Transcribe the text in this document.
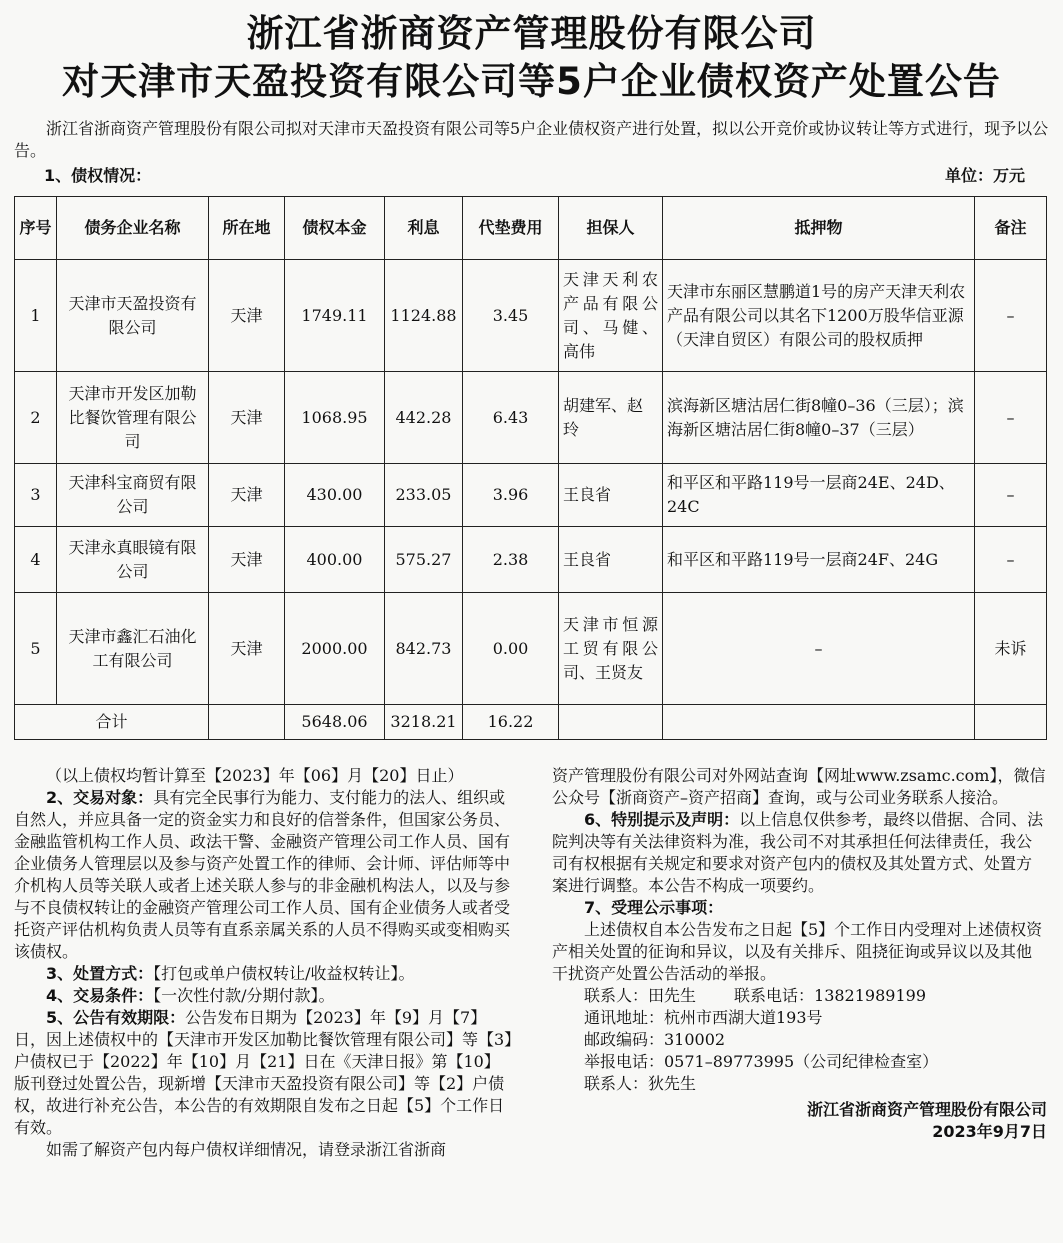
浙江省浙商资产管理股份有限公司
对天津市天盈投资有限公司等5户企业债权资产处置公告

浙江省浙商资产管理股份有限公司拟对天津市天盈投资有限公司等5户企业债权资产进行处置，拟以公开竞价或协议转让等方式进行，现予以公告。

1、债权情况：	单位：万元
序号	债务企业名称	所在地	债权本金	利息	代垫费用	担保人	抵押物	备注
1	天津市天盈投资有限公司	天津	1749.11	1124.88	3.45	天津天利农产品有限公司、马健、高伟	天津市东丽区慧鹏道1号的房产天津天利农产品有限公司以其名下1200万股华信亚源（天津自贸区）有限公司的股权质押	–
2	天津市开发区加勒比餐饮管理有限公司	天津	1068.95	442.28	6.43	胡建军、赵玲	滨海新区塘沽居仁街8幢0–36（三层）；滨海新区塘沽居仁街8幢0–37（三层）	–
3	天津科宝商贸有限公司	天津	430.00	233.05	3.96	王良省	和平区和平路119号一层商24E、24D、24C	–
4	天津永真眼镜有限公司	天津	400.00	575.27	2.38	王良省	和平区和平路119号一层商24F、24G	–
5	天津市鑫汇石油化工有限公司	天津	2000.00	842.73	0.00	天津市恒源工贸有限公司、王贤友	–	未诉
合计			5648.06	3218.21	16.22			

（以上债权均暂计算至【2023】年【06】月【20】日止）

2、交易对象：具有完全民事行为能力、支付能力的法人、组织或自然人，并应具备一定的资金实力和良好的信誉条件，但国家公务员、金融监管机构工作人员、政法干警、金融资产管理公司工作人员、国有企业债务人管理层以及参与资产处置工作的律师、会计师、评估师等中介机构人员等关联人或者上述关联人参与的非金融机构法人，以及与参与不良债权转让的金融资产管理公司工作人员、国有企业债务人或者受托资产评估机构负责人员等有直系亲属关系的人员不得购买或变相购买该债权。

3、处置方式：【打包或单户债权转让/收益权转让】。

4、交易条件：【一次性付款/分期付款】。

5、公告有效期限：公告发布日期为【2023】年【9】月【7】日，因上述债权中的【天津市开发区加勒比餐饮管理有限公司】等【3】户债权已于【2022】年【10】月【21】日在《天津日报》第【10】版刊登过处置公告，现新增【天津市天盈投资有限公司】等【2】户债权，故进行补充公告，本公告的有效期限自发布之日起【5】个工作日有效。

如需了解资产包内每户债权详细情况，请登录浙江省浙商

资产管理股份有限公司对外网站查询【网址www.zsamc.com】，微信公众号【浙商资产–资产招商】查询，或与公司业务联系人接洽。

6、特别提示及声明：以上信息仅供参考，最终以借据、合同、法院判决等有关法律资料为准，我公司不对其承担任何法律责任，我公司有权根据有关规定和要求对资产包内的债权及其处置方式、处置方案进行调整。本公告不构成一项要约。

7、受理公示事项：

上述债权自本公告发布之日起【5】个工作日内受理对上述债权资产相关处置的征询和异议，以及有关排斥、阻挠征询或异议以及其他干扰资产处置公告活动的举报。

联系人：田先生 联系电话：13821989199

通讯地址：杭州市西湖大道193号

邮政编码：310002

举报电话：0571–89773995（公司纪律检查室）

联系人：狄先生

浙江省浙商资产管理股份有限公司

2023年9月7日
